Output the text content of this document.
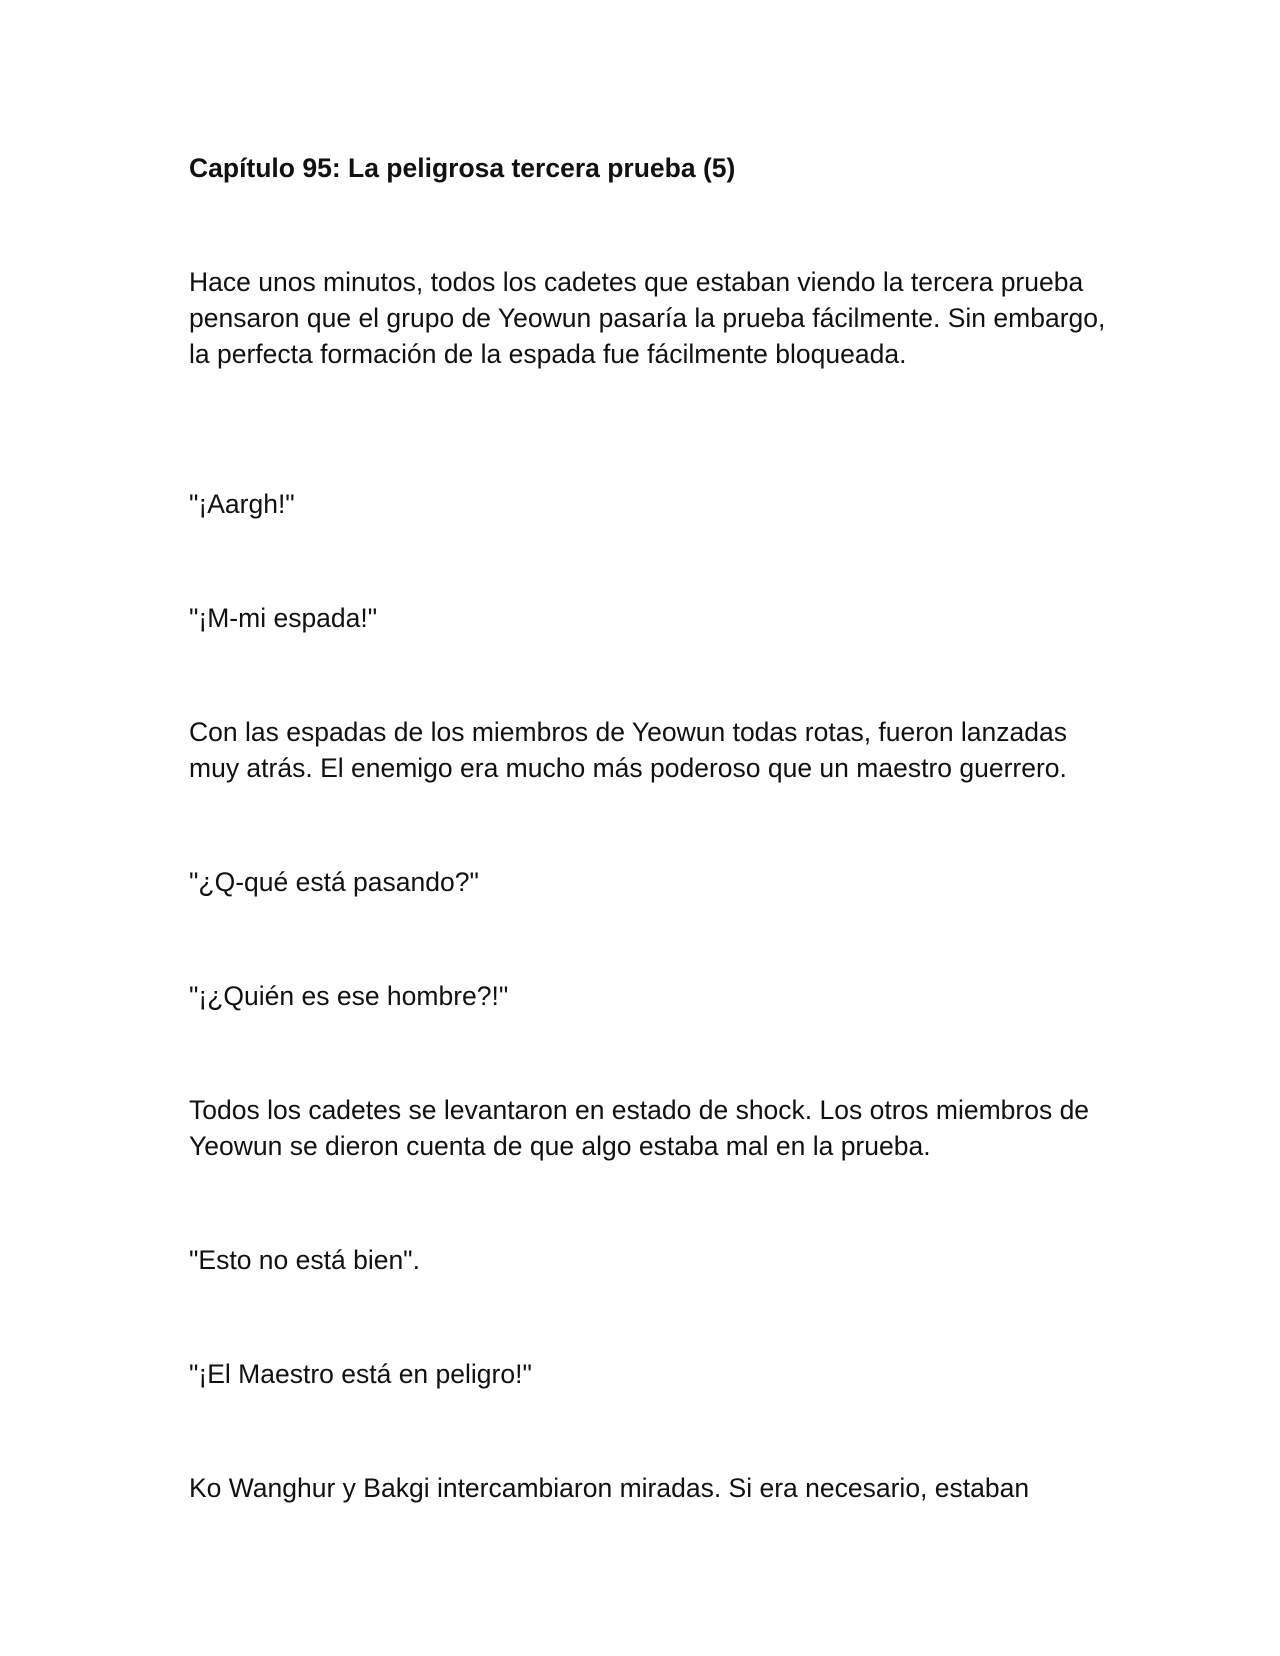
Capítulo 95: La peligrosa tercera prueba (5)

Hace unos minutos, todos los cadetes que estaban viendo la tercera prueba pensaron que el grupo de Yeowun pasaría la prueba fácilmente. Sin embargo, la perfecta formación de la espada fue fácilmente bloqueada.

"¡Aargh!"

"¡M-mi espada!"

Con las espadas de los miembros de Yeowun todas rotas, fueron lanzadas muy atrás. El enemigo era mucho más poderoso que un maestro guerrero.

"¿Q-qué está pasando?"

"¡¿Quién es ese hombre?!"

Todos los cadetes se levantaron en estado de shock. Los otros miembros de Yeowun se dieron cuenta de que algo estaba mal en la prueba.

"Esto no está bien".

"¡El Maestro está en peligro!"

Ko Wanghur y Bakgi intercambiaron miradas. Si era necesario, estaban
